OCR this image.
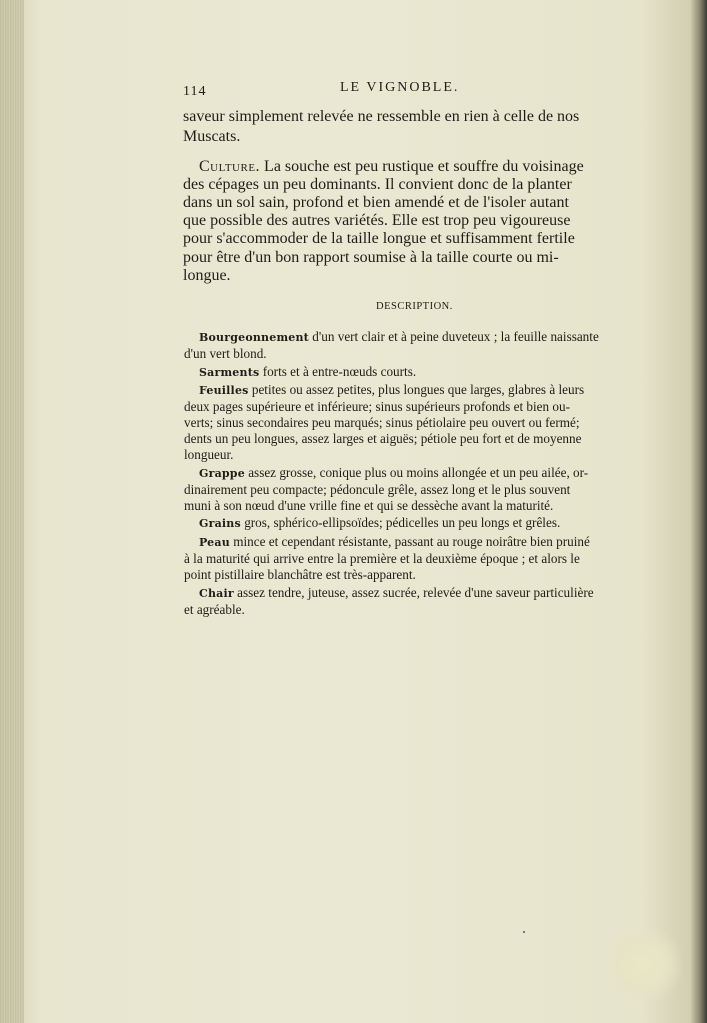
114	LE VIGNOBLE.
saveur simplement relevée ne ressemble en rien à celle de nos
Muscats.
Culture. La souche est peu rustique et souffre du voisinage
des cépages un peu dominants. Il convient donc de la planter
dans un sol sain, profond et bien amendé et de l'isoler autant
que possible des autres variétés. Elle est trop peu vigoureuse
pour s'accommoder de la taille longue et suffisamment fertile
pour être d'un bon rapport soumise à la taille courte ou mi-
longue.
DESCRIPTION.
Bourgeonnement d'un vert clair et à peine duveteux ; la feuille naissante
d'un vert blond.
Sarments forts et à entre-nœuds courts.
Feuilles petites ou assez petites, plus longues que larges, glabres à leurs
deux pages supérieure et inférieure; sinus supérieurs profonds et bien ou-
verts; sinus secondaires peu marqués; sinus pétiolaire peu ouvert ou fermé;
dents un peu longues, assez larges et aiguës; pétiole peu fort et de moyenne
longueur.
Grappe assez grosse, conique plus ou moins allongée et un peu ailée, or-
dinairement peu compacte; pédoncule grêle, assez long et le plus souvent
muni à son nœud d'une vrille fine et qui se dessèche avant la maturité.
Grains gros, sphérico-ellipsoïdes; pédicelles un peu longs et grêles.
Peau mince et cependant résistante, passant au rouge noirâtre bien pruiné
à la maturité qui arrive entre la première et la deuxième époque ; et alors le
point pistillaire blanchâtre est très-apparent.
Chair assez tendre, juteuse, assez sucrée, relevée d'une saveur particulière
et agréable.
